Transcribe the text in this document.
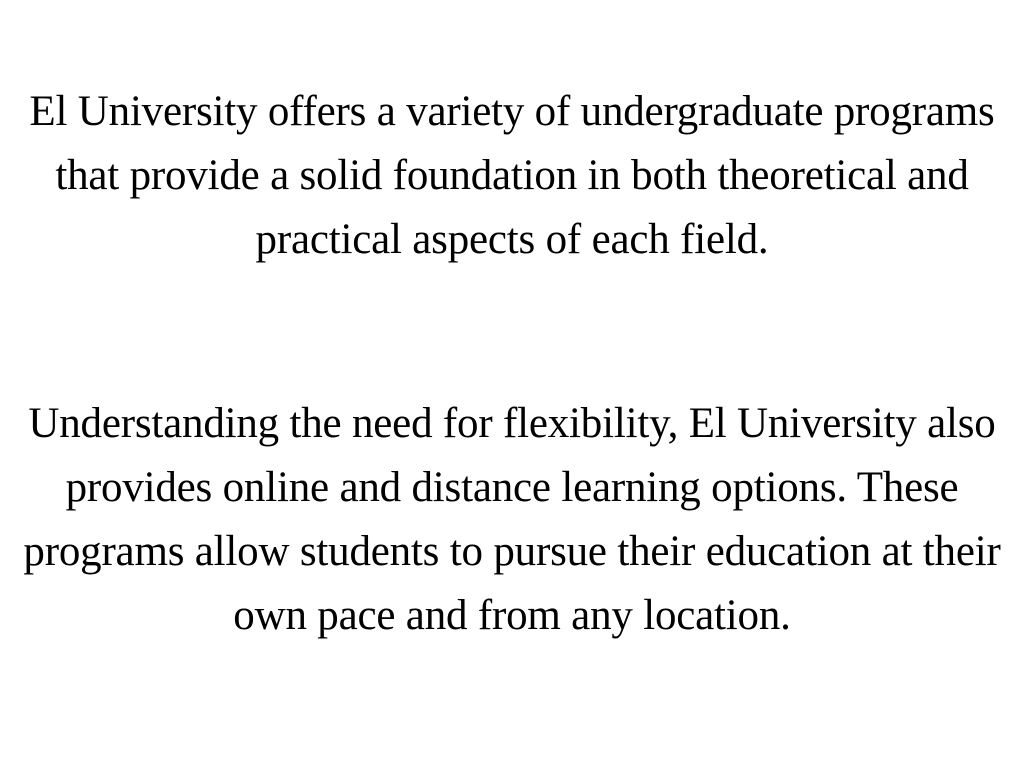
El University offers a variety of undergraduate programs that provide a solid foundation in both theoretical and practical aspects of each field.

Understanding the need for flexibility, El University also provides online and distance learning options. These programs allow students to pursue their education at their own pace and from any location.
